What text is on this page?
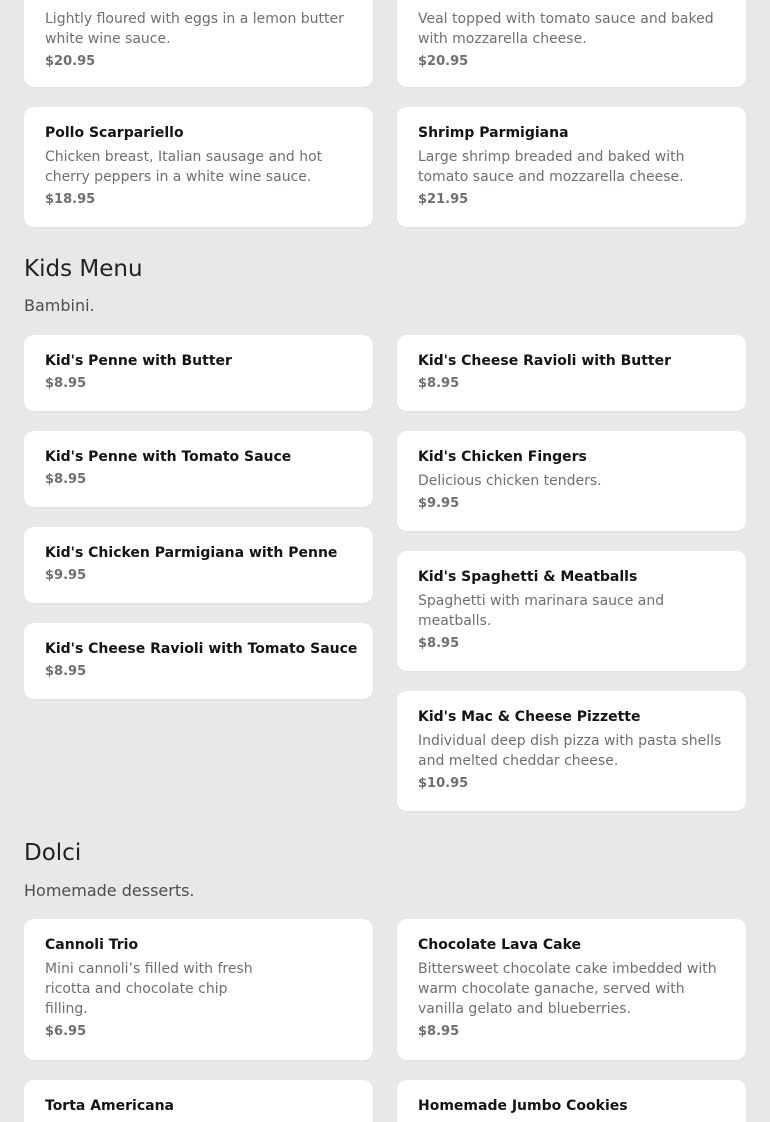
Lightly floured with eggs in a lemon butter white wine sauce.
$20.95
Veal topped with tomato sauce and baked with mozzarella cheese.
$20.95
Pollo Scarpariello
Chicken breast, Italian sausage and hot cherry peppers in a white wine sauce.
$18.95
Shrimp Parmigiana
Large shrimp breaded and baked with tomato sauce and mozzarella cheese.
$21.95
Kids Menu

Bambini.

Kid's Penne with Butter
$8.95
Kid's Penne with Tomato Sauce
$8.95
Kid's Chicken Parmigiana with Penne
$9.95
Kid's Cheese Ravioli with Tomato Sauce
$8.95
Kid's Cheese Ravioli with Butter
$8.95
Kid's Chicken Fingers
Delicious chicken tenders.
$9.95
Kid's Spaghetti & Meatballs
Spaghetti with marinara sauce and meatballs.
$8.95
Kid's Mac & Cheese Pizzette
Individual deep dish pizza with pasta shells and melted cheddar cheese.
$10.95
Dolci

Homemade desserts.

Cannoli Trio
Mini cannoli’s filled with fresh ricotta and chocolate chip filling.
$6.95
Chocolate Lava Cake
Bittersweet chocolate cake imbedded with warm chocolate ganache, served with vanilla gelato and blueberries.
$8.95
Torta Americana	Homemade Jumbo Cookies
